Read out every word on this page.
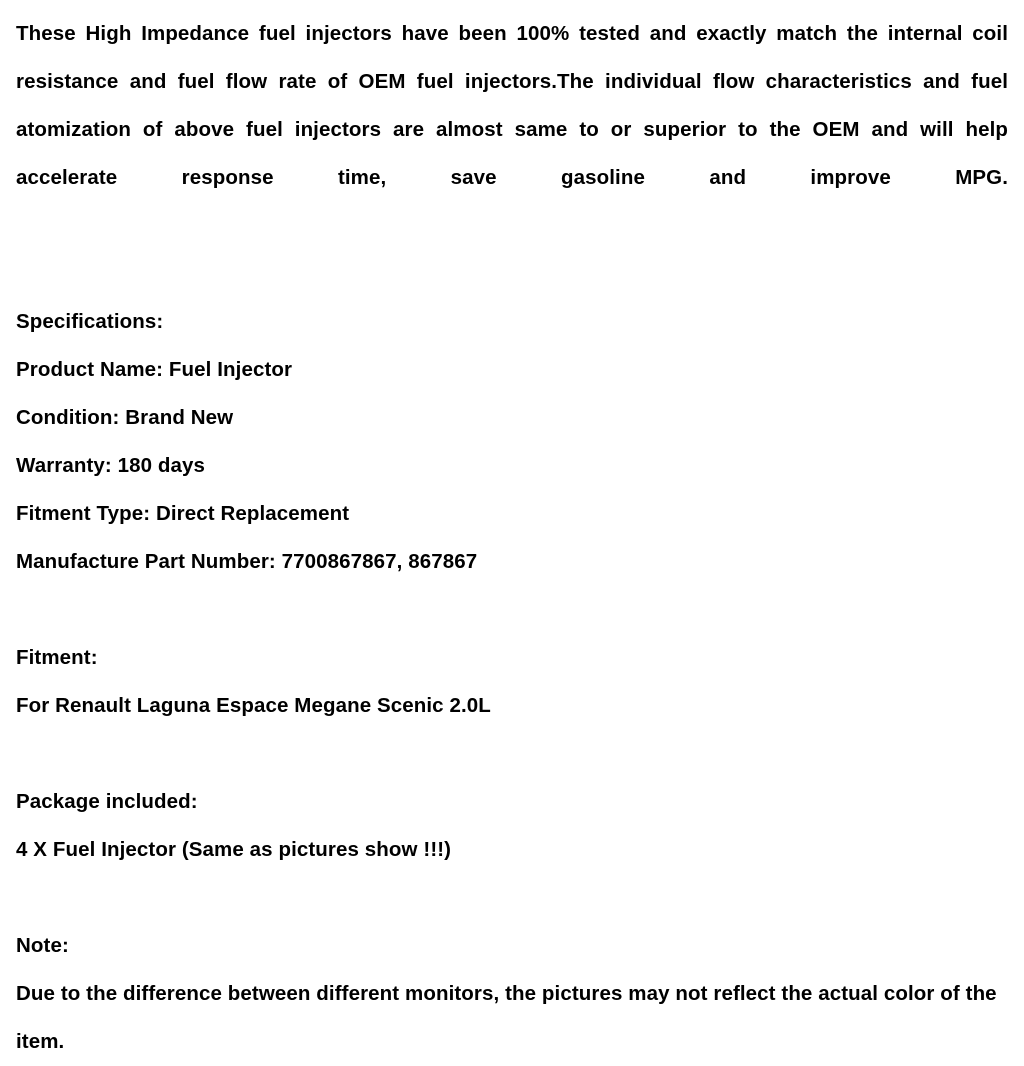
These High Impedance fuel injectors have been 100% tested and exactly match the internal coil resistance and fuel flow rate of OEM fuel injectors.The individual flow characteristics and fuel atomization of above fuel injectors are almost same to or superior to the OEM and will help accelerate response time, save gasoline and improve MPG.

Specifications:
Product Name: Fuel Injector
Condition: Brand New
Warranty: 180 days
Fitment Type: Direct Replacement
Manufacture Part Number: 7700867867, 867867
Fitment:
For Renault Laguna Espace Megane Scenic 2.0L
Package included:
4 X Fuel Injector (Same as pictures show !!!)
Note:
Due to the difference between different monitors, the pictures may not reflect the actual color of the item.
